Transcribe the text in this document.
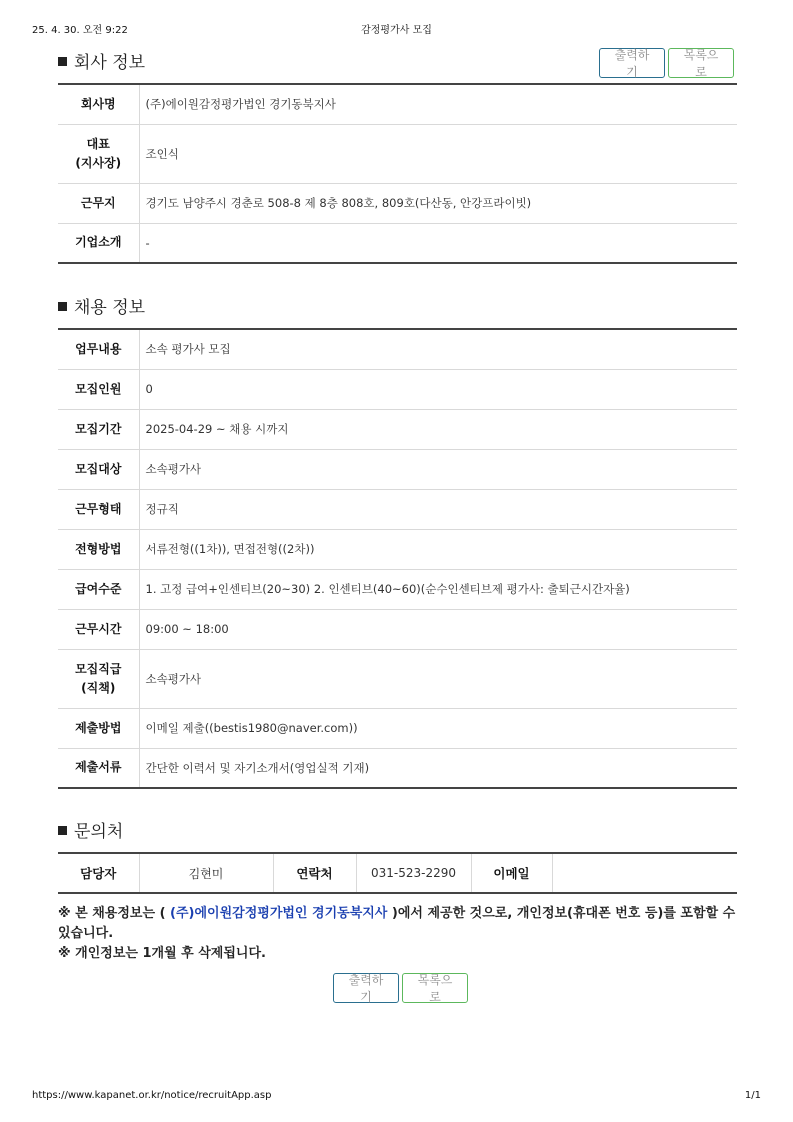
25. 4. 30. 오전 9:22	감정평가사 모집
회사 정보	출력하기
목록으로
회사명	(주)에이원감정평가법인 경기동북지사
대표
(지사장)	조인식
근무지	경기도 남양주시 경춘로 508-8 제 8층 808호, 809호(다산동, 안강프라이빗)
기업소개	-
채용 정보
업무내용	소속 평가사 모집
모집인원	0
모집기간	2025-04-29 ~ 채용 시까지
모집대상	소속평가사
근무형태	정규직
전형방법	서류전형((1차)), 면접전형((2차))
급여수준	1. 고정 급여+인센티브(20~30) 2. 인센티브(40~60)(순수인센티브제 평가사: 출퇴근시간자율)
근무시간	09:00 ~ 18:00
모집직급
(직책)	소속평가사
제출방법	이메일 제출((bestis1980@naver.com))
제출서류	간단한 이력서 및 자기소개서(영업실적 기재)
문의처
담당자	김현미	연락처	031-523-2290	이메일	
※ 본 채용정보는 ( (주)에이원감정평가법인 경기동북지사 )에서 제공한 것으로, 개인정보(휴대폰 번호 등)를 포함할 수 있습니다.
※ 개인정보는 1개월 후 삭제됩니다.
출력하기
목록으로
https://www.kapanet.or.kr/notice/recruitApp.asp	1/1
